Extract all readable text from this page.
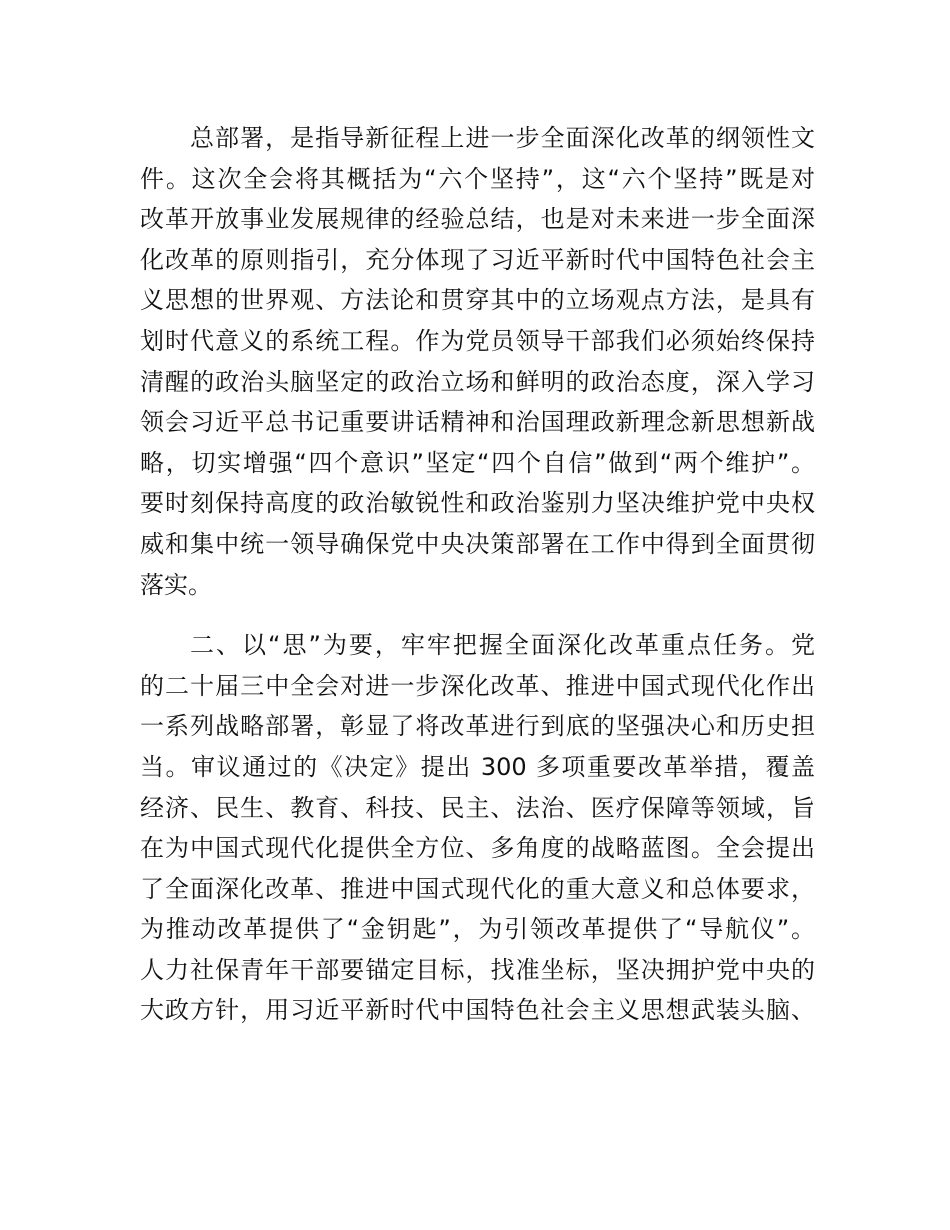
总部署，是指导新征程上进一步全面深化改革的纲领性文
件。这次全会将其概括为“六个坚持”，这“六个坚持”既是对
改革开放事业发展规律的经验总结，也是对未来进一步全面深
化改革的原则指引，充分体现了习近平新时代中国特色社会主
义思想的世界观、方法论和贯穿其中的立场观点方法，是具有
划时代意义的系统工程。作为党员领导干部我们必须始终保持
清醒的政治头脑坚定的政治立场和鲜明的政治态度，深入学习
领会习近平总书记重要讲话精神和治国理政新理念新思想新战
略，切实增强“四个意识”坚定“四个自信”做到“两个维护”。
要时刻保持高度的政治敏锐性和政治鉴别力坚决维护党中央权
威和集中统一领导确保党中央决策部署在工作中得到全面贯彻
落实。
二、以“思”为要，牢牢把握全面深化改革重点任务。党
的二十届三中全会对进一步深化改革、推进中国式现代化作出
一系列战略部署，彰显了将改革进行到底的坚强决心和历史担
当。审议通过的《决定》提出 300 多项重要改革举措，覆盖
经济、民生、教育、科技、民主、法治、医疗保障等领域，旨
在为中国式现代化提供全方位、多角度的战略蓝图。全会提出
了全面深化改革、推进中国式现代化的重大意义和总体要求，
为推动改革提供了“金钥匙”，为引领改革提供了“导航仪”。
人力社保青年干部要锚定目标，找准坐标，坚决拥护党中央的
大政方针，用习近平新时代中国特色社会主义思想武装头脑、
